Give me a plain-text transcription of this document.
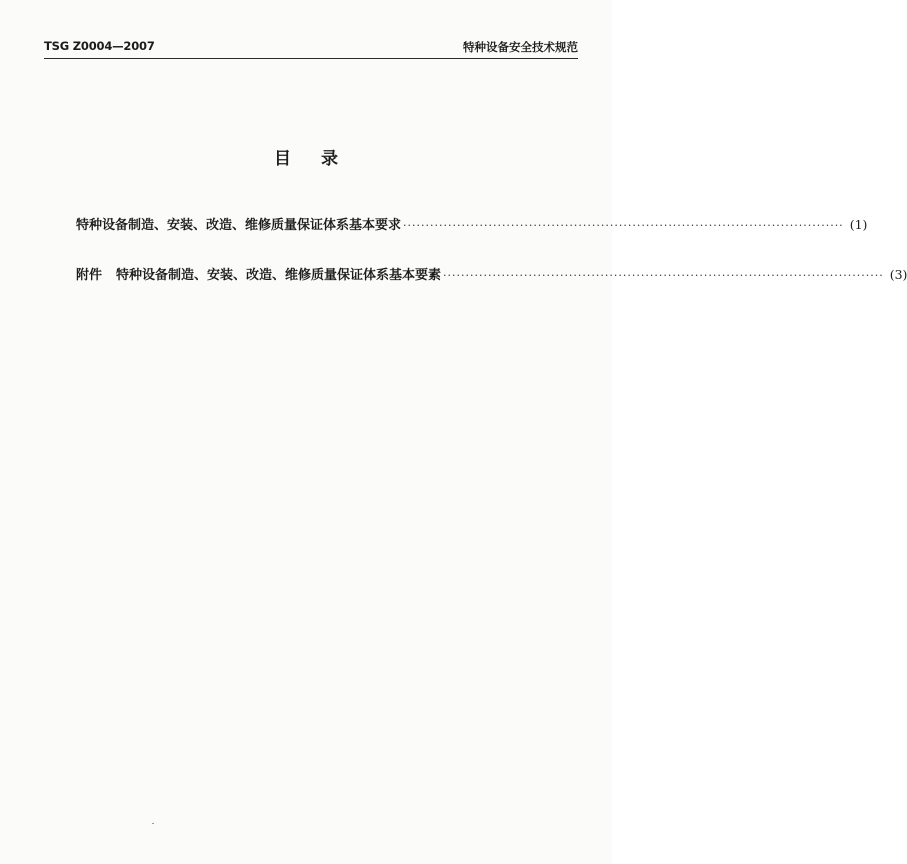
TSG Z0004—2007	特种设备安全技术规范
目录
特种设备制造、安装、改造、维修质量保证体系基本要求 ·································································································· (1)
附件 特种设备制造、安装、改造、维修质量保证体系基本要素 ·································································································· (3)
